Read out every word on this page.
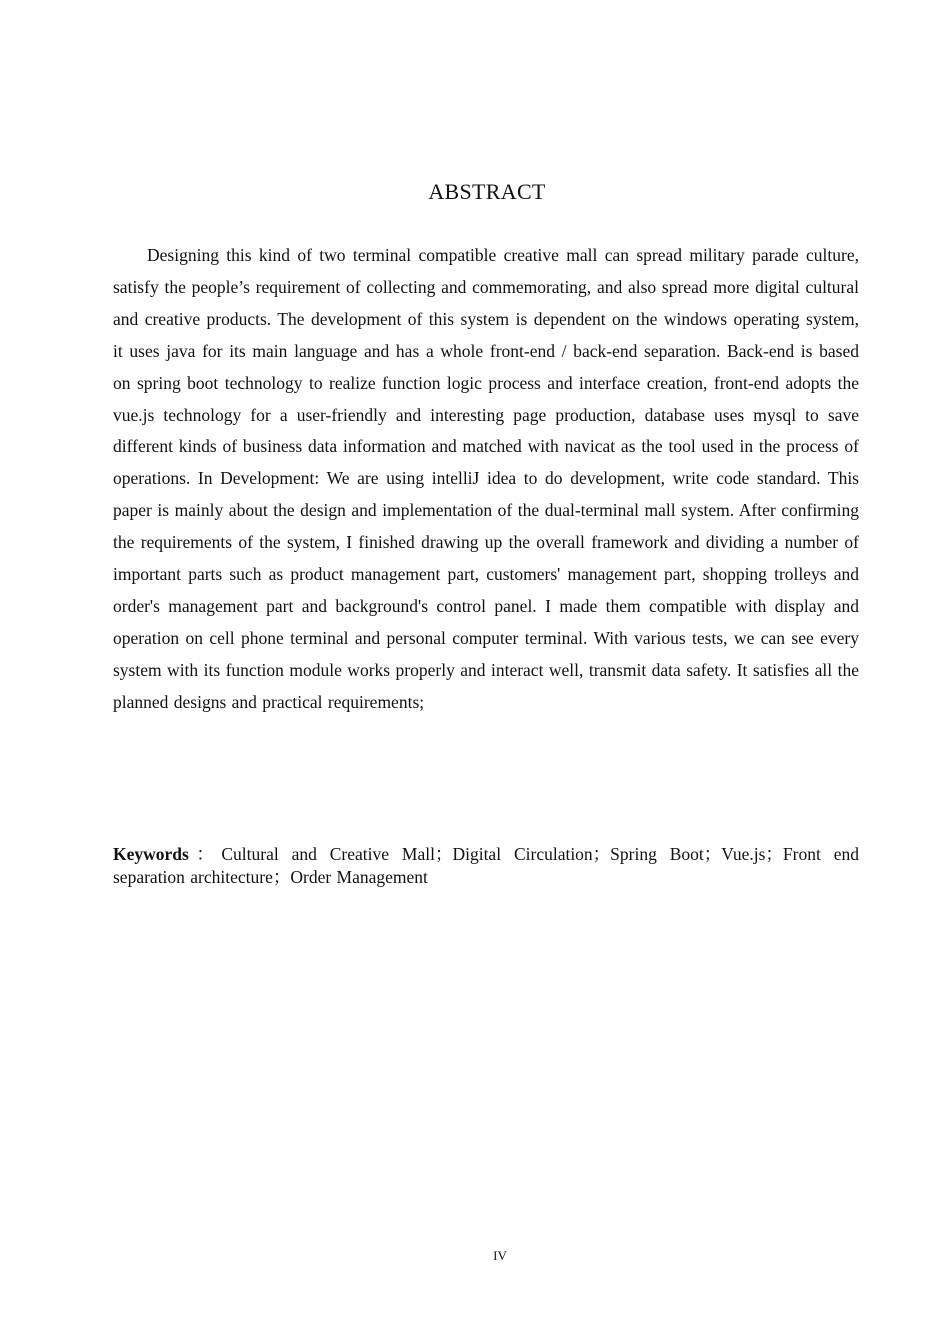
ABSTRACT

Designing this kind of two terminal compatible creative mall can spread military parade culture, satisfy the people’s requirement of collecting and commemorating, and also spread more digital cultural and creative products. The development of this system is dependent on the windows operating system, it uses java for its main language and has a whole front-end / back-end separation. Back-end is based on spring boot technology to realize function logic process and interface creation, front-end adopts the vue.js technology for a user-friendly and interesting page production, database uses mysql to save different kinds of business data information and matched with navicat as the tool used in the process of operations. In Development: We are using intelliJ idea to do development, write code standard. This paper is mainly about the design and implementation of the dual-terminal mall system. After confirming the requirements of the system, I finished drawing up the overall framework and dividing a number of important parts such as product management part, customers' management part, shopping trolleys and order's management part and background's control panel. I made them compatible with display and operation on cell phone terminal and personal computer terminal. With various tests, we can see every system with its function module works properly and interact well, transmit data safety. It satisfies all the planned designs and practical requirements;

Keywords：Cultural and Creative Mall；Digital Circulation；Spring Boot；Vue.js；Front end separation architecture；Order Management

IV
